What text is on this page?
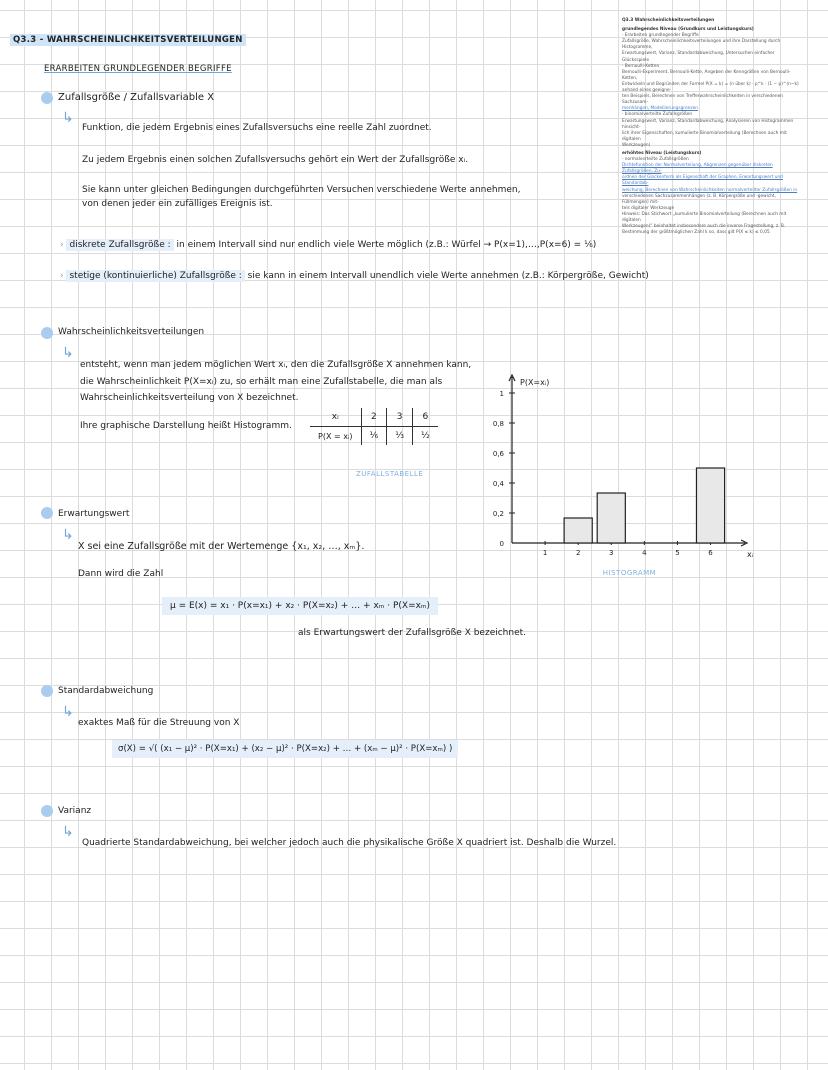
Q3.3 - WAHRSCHEINLICHKEITSVERTEILUNGEN
ERARBEITEN GRUNDLEGENDER BEGRIFFE
Q3.3 Wahrscheinlichkeitsverteilungen
grundlegendes Niveau (Grundkurs und Leistungskurs)
· Erarbeiten grundlegender Begriffe
Zufallsgröße, Wahrscheinlichkeitsverteilungen und ihre Darstellung durch Histogramme,
Erwartungswert, Varianz, Standardabweichung, Untersuchen einfacher Glücksspiele
· Bernoulli-Ketten
Bernoulli-Experiment, Bernoulli-Kette, Angeben der Kenngrößen von Bernoulli-Ketten,
Entwickeln und Begründen der Formel P(X = k) = (n über k) · p^k · (1 − p)^(n−k) anhand eines geeigne-
ten Beispiels, Berechnen von Trefferwahrscheinlichkeiten in verschiedenen Sachzusam-
menhängen, Modellierungsgrenzen
· binomialverteilte Zufallsgrößen
Erwartungswert, Varianz, Standardabweichung, Analysieren von Histogrammen hinsicht-
lich ihrer Eigenschaften, kumulierte Binomialverteilung (Berechnen auch mit digitalen
Werkzeugen)
erhöhtes Niveau (Leistungskurs)
· normalverteilte Zufallsgrößen
Dichtefunktion der Normalverteilung, Abgrenzen gegenüber diskreten Zufallsgrößen, Zu-
ordnen der Glockenform als Eigenschaft der Graphen, Erwartungswert und Standardab-
weichung, Berechnen von Wahrscheinlichkeiten normalverteilter Zufallsgrößen in
verschiedenen Sachzusammenhängen (z. B. Körpergröße und -gewicht, Füllmengen) mit-
tels digitaler Werkzeuge
Hinweis: Das Stichwort „kumulierte Binomialverteilung (Berechnen auch mit digitalen
Werkzeugen)“ beinhaltet insbesondere auch die inverse Fragestellung, z. B.
Bestimmung der größtmöglichen Zahl k so, dass gilt P(X ≤ k) ≤ 0,05.
Zufallsgröße / Zufallsvariable X
↳
Funktion, die jedem Ergebnis eines Zufallsversuchs eine reelle Zahl zuordnet.
Zu jedem Ergebnis einen solchen Zufallsversuchs gehört ein Wert der Zufallsgröße xᵢ.
Sie kann unter gleichen Bedingungen durchgeführten Versuchen verschiedene Werte annehmen,
von denen jeder ein zufälliges Ereignis ist.
› diskrete Zufallsgröße : in einem Intervall sind nur endlich viele Werte möglich (z.B.: Würfel → P(x=1),…,P(x=6) = ⅙)
› stetige (kontinuierliche) Zufallsgröße : sie kann in einem Intervall unendlich viele Werte annehmen (z.B.: Körpergröße, Gewicht)
Wahrscheinlichkeitsverteilungen
↳
entsteht, wenn man jedem möglichen Wert xᵢ, den die Zufallsgröße X annehmen kann,
die Wahrscheinlichkeit P(X=xᵢ) zu, so erhält man eine Zufallstabelle, die man als
Wahrscheinlichkeitsverteilung von X bezeichnet.
Ihre graphische Darstellung heißt Histogramm.
xᵢ	2	3	6
P(X = xᵢ)	⅙	⅓	½
ZUFALLSTABELLE
P(X=xᵢ)
xᵢ
0
0,2
0,4
0,6
0,8
1
1	2	3	4	5	6
HISTOGRAMM
Erwartungswert
↳
X sei eine Zufallsgröße mit der Wertemenge {x₁, x₂, …, xₘ}.
Dann wird die Zahl
μ = E(x) = x₁ · P(x=x₁) + x₂ · P(X=x₂) + … + xₘ · P(X=xₘ)
als Erwartungswert der Zufallsgröße X bezeichnet.
Standardabweichung
↳
exaktes Maß für die Streuung von X
σ(X) = √( (x₁ − μ)² · P(X=x₁) + (x₂ − μ)² · P(X=x₂) + … + (xₘ − μ)² · P(X=xₘ) )
Varianz
↳
Quadrierte Standardabweichung, bei welcher jedoch auch die physikalische Größe X quadriert ist. Deshalb die Wurzel.
